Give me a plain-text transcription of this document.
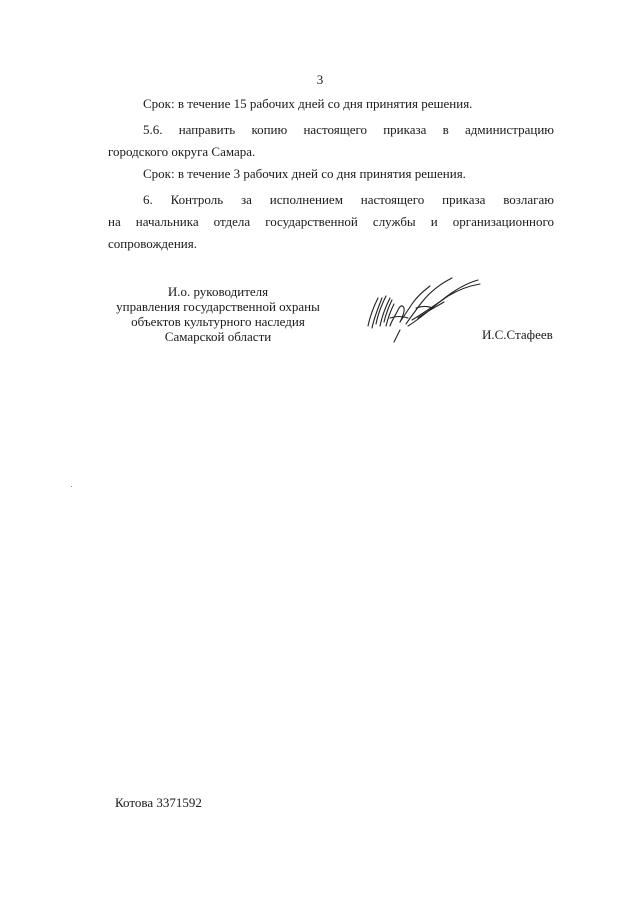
3

Срок: в течение 15 рабочих дней со дня принятия решения.

5.6. направить копию настоящего приказа в администрацию

городского округа Самара.

Срок: в течение 3 рабочих дней со дня принятия решения.

6. Контроль за исполнением настоящего приказа возлагаю

на начальника отдела государственной службы и организационного

сопровождения.

И.о. руководителя
управления государственной охраны
объектов культурного наследия
Самарской области	И.С.Стафеев
Котова 3371592
